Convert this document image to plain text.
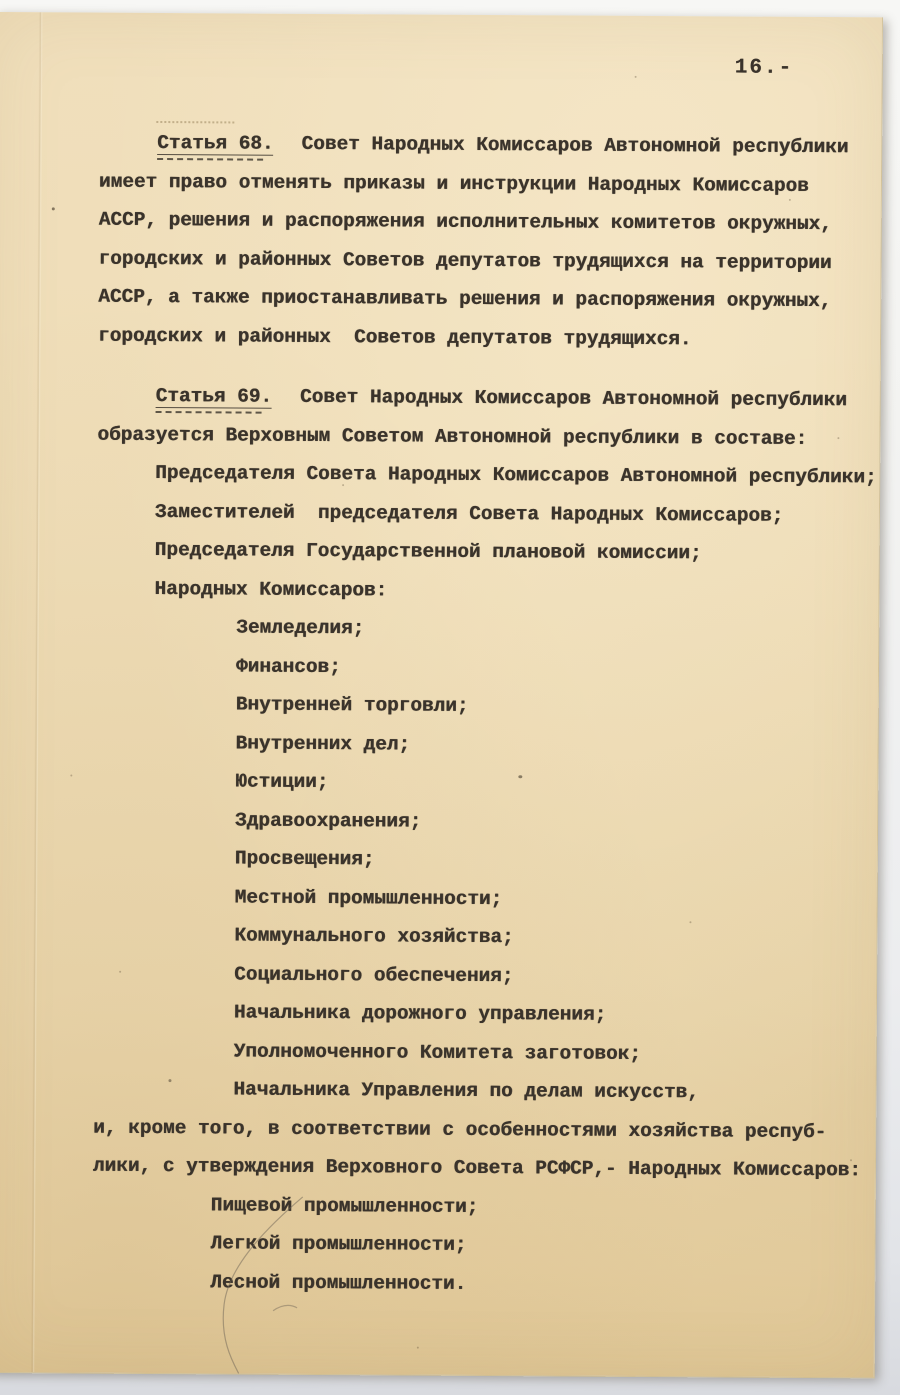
16.-
Статья 68. Совет Народных Комиссаров Автономной республики
имеет право отменять приказы и инструкции Народных Комиссаров
АССР, решения и распоряжения исполнительных комитетов окружных,
городских и районных Советов депутатов трудящихся на территории
АССР, а также приостанавливать решения и распоряжения окружных,
городских и районных  Советов депутатов трудящихся.
Статья 69. Совет Народных Комиссаров Автономной республики
образуется Верховным Советом Автономной республики в составе:
Председателя Совета Народных Комиссаров Автономной республики;
Заместителей  председателя Совета Народных Комиссаров;
Председателя Государственной плановой комиссии;
Народных Комиссаров:
Земледелия;
Финансов;
Внутренней торговли;
Внутренних дел;
Юстиции;
Здравоохранения;
Просвещения;
Местной промышленности;
Коммунального хозяйства;
Социального обеспечения;
Начальника дорожного управления;
Уполномоченного Комитета заготовок;
Начальника Управления по делам искусств,
и, кроме того, в соответствии с особенностями хозяйства респуб-
лики, с утверждения Верховного Совета РСФСР,- Народных Комиссаров:
Пищевой промышленности;
Легкой промышленности;
Лесной промышленности.
